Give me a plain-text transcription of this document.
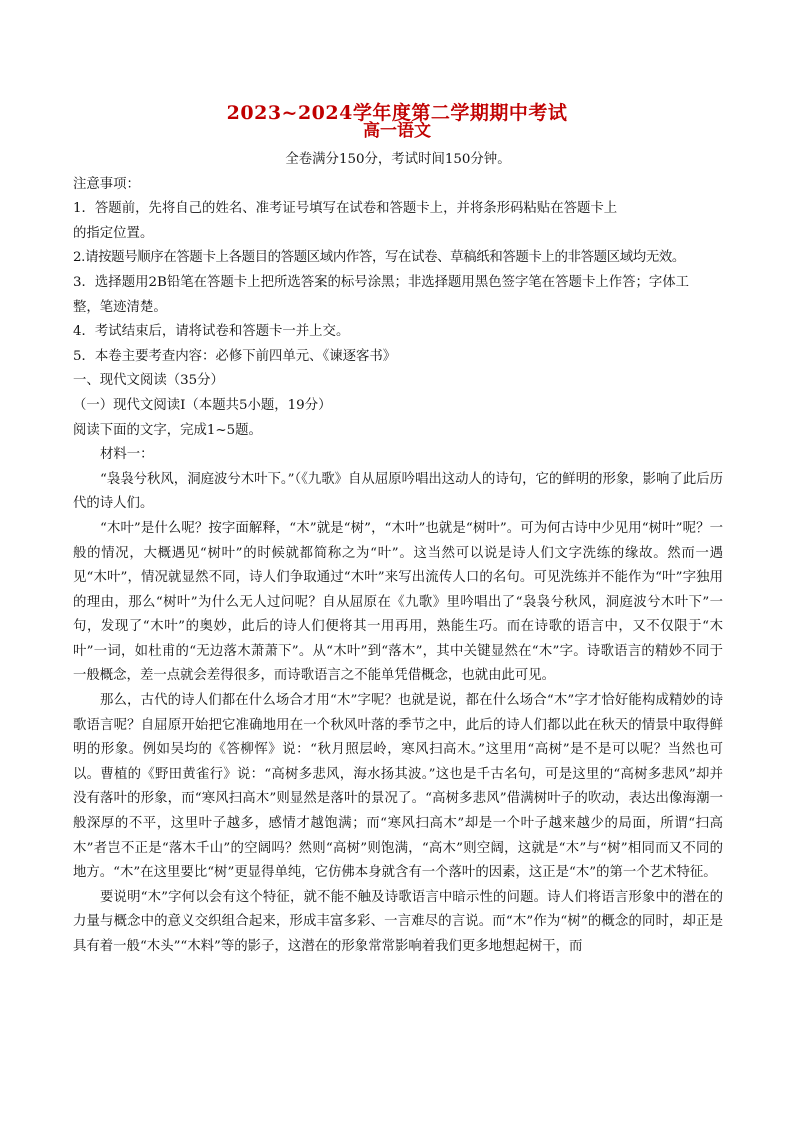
2023~2024学年度第二学期期中考试
高一语文
全卷满分150分，考试时间150分钟。
注意事项：
1．答题前，先将自己的姓名、准考证号填写在试卷和答题卡上，并将条形码粘贴在答题卡上
的指定位置。
2.请按题号顺序在答题卡上各题目的答题区域内作答，写在试卷、草稿纸和答题卡上的非答题区域均无效。
3．选择题用2B铅笔在答题卡上把所选答案的标号涂黑；非选择题用黑色签字笔在答题卡上作答；字体工
整，笔迹清楚。
4．考试结束后，请将试卷和答题卡一并上交。
5．本卷主要考查内容：必修下前四单元、《谏逐客书》
一、现代文阅读（35分）
（一）现代文阅读Ⅰ（本题共5小题，19分）
阅读下面的文字，完成1~5题。
材料一：
“袅袅兮秋风，洞庭波兮木叶下。”（《九歌》自从屈原吟唱出这动人的诗句，它的鲜明的形象，影响了此后历代的诗人们。
“木叶”是什么呢？按字面解释，“木”就是“树”，“木叶”也就是“树叶”。可为何古诗中少见用“树叶”呢？一般的情况，大概遇见“树叶”的时候就都简称之为“叶”。这当然可以说是诗人们文字洗练的缘故。然而一遇见“木叶”，情况就显然不同，诗人们争取通过“木叶”来写出流传人口的名句。可见洗练并不能作为“叶”字独用的理由，那么“树叶”为什么无人过问呢？自从屈原在《九歌》里吟唱出了“袅袅兮秋风，洞庭波兮木叶下”一句，发现了“木叶”的奥妙，此后的诗人们便将其一用再用，熟能生巧。而在诗歌的语言中，又不仅限于“木叶”一词，如杜甫的“无边落木萧萧下”。从“木叶”到“落木”，其中关键显然在“木”字。诗歌语言的精妙不同于一般概念，差一点就会差得很多，而诗歌语言之不能单凭借概念，也就由此可见。
那么，古代的诗人们都在什么场合才用“木”字呢？也就是说，都在什么场合“木”字才恰好能构成精妙的诗歌语言呢？自屈原开始把它准确地用在一个秋风叶落的季节之中，此后的诗人们都以此在秋天的情景中取得鲜明的形象。例如吴均的《答柳恽》说：“秋月照层岭，寒风扫高木。”这里用“高树”是不是可以呢？当然也可以。曹植的《野田黄雀行》说：“高树多悲风，海水扬其波。”这也是千古名句，可是这里的“高树多悲风”却并没有落叶的形象，而“寒风扫高木”则显然是落叶的景况了。“高树多悲风”借满树叶子的吹动，表达出像海潮一般深厚的不平，这里叶子越多，感情才越饱满；而“寒风扫高木”却是一个叶子越来越少的局面，所谓“扫高木”者岂不正是“落木千山”的空阔吗？然则“高树”则饱满，“高木”则空阔，这就是“木”与“树”相同而又不同的地方。“木”在这里要比“树”更显得单纯，它仿佛本身就含有一个落叶的因素，这正是“木”的第一个艺术特征。
要说明“木”字何以会有这个特征，就不能不触及诗歌语言中暗示性的问题。诗人们将语言形象中的潜在的力量与概念中的意义交织组合起来，形成丰富多彩、一言难尽的言说。而“木”作为“树”的概念的同时，却正是具有着一般“木头”“木料”等的影子，这潜在的形象常常影响着我们更多地想起树干，而
